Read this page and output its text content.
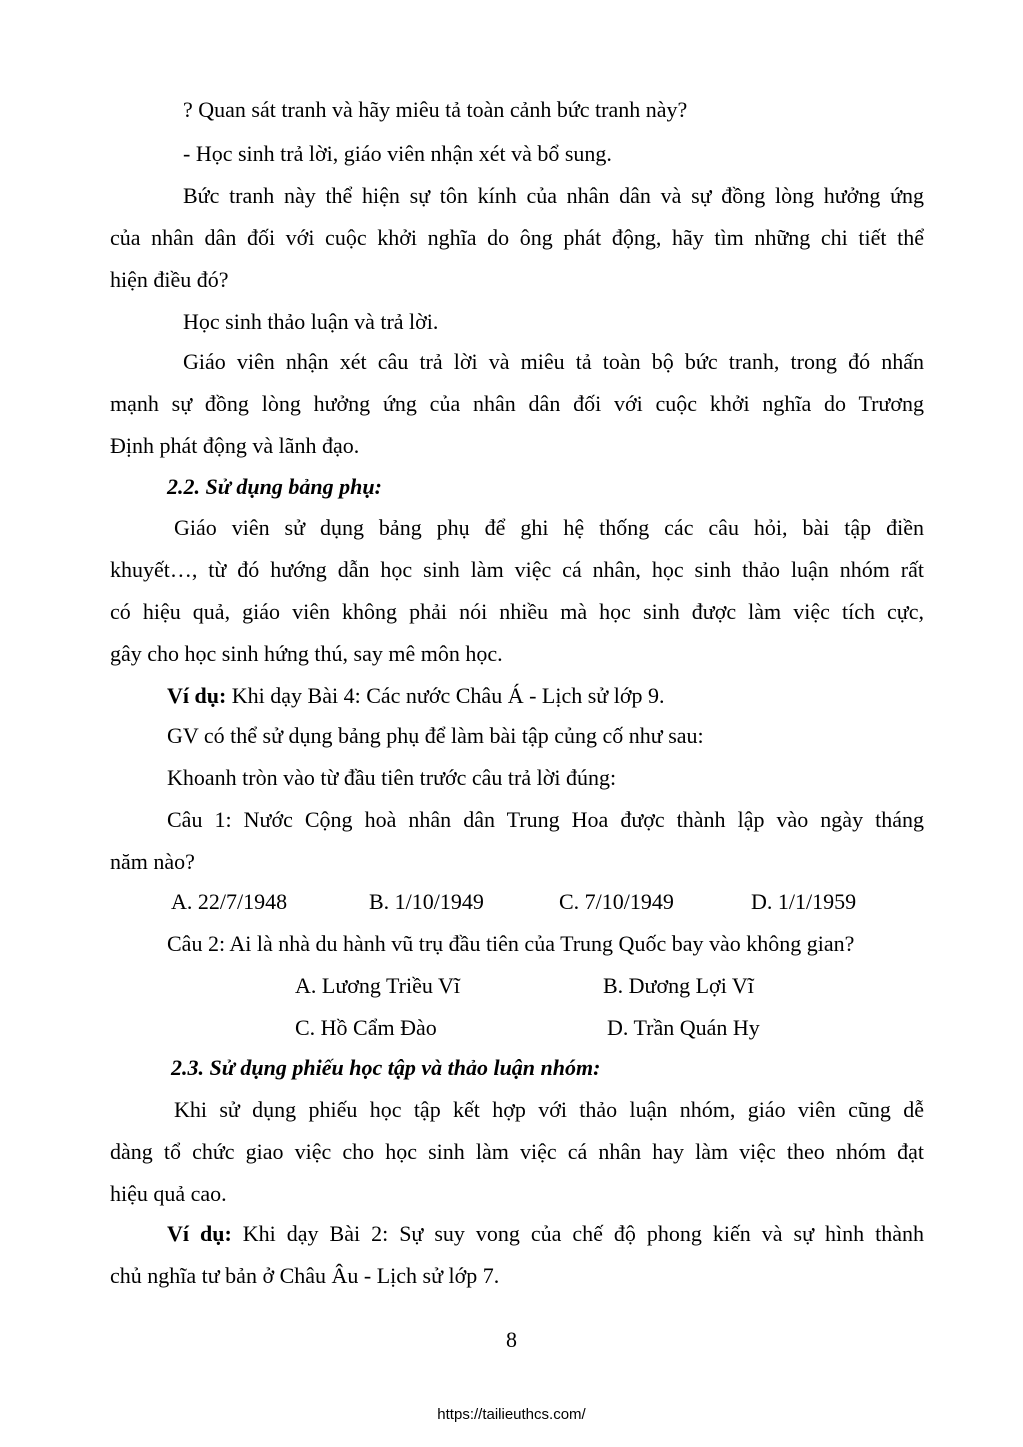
? Quan sát tranh và hãy miêu tả toàn cảnh bức tranh này?

- Học sinh trả lời, giáo viên nhận xét và bổ sung.

Bức tranh này thể hiện sự tôn kính của nhân dân và sự đồng lòng hưởng ứng

của nhân dân đối với cuộc khởi nghĩa do ông phát động, hãy tìm những chi tiết thể

hiện điều đó?

Học sinh thảo luận và trả lời.

Giáo viên nhận xét câu trả lời và miêu tả toàn bộ bức tranh, trong đó nhấn

mạnh sự đồng lòng hưởng ứng của nhân dân đối với cuộc khởi nghĩa do Trương

Định phát động và lãnh đạo.

2.2. Sử dụng bảng phụ:

Giáo viên sử dụng bảng phụ để ghi hệ thống các câu hỏi, bài tập điền

khuyết…, từ đó hướng dẫn học sinh làm việc cá nhân, học sinh thảo luận nhóm rất

có hiệu quả, giáo viên không phải nói nhiều mà học sinh được làm việc tích cực,

gây cho học sinh hứng thú, say mê môn học.

Ví dụ: Khi dạy Bài 4: Các nước Châu Á - Lịch sử lớp 9.

GV có thể sử dụng bảng phụ để làm bài tập củng cố như sau:

Khoanh tròn vào từ đầu tiên trước câu trả lời đúng:

Câu 1: Nước Cộng hoà nhân dân Trung Hoa được thành lập vào ngày tháng

năm nào?

A. 22/7/1948	B. 1/10/1949	C. 7/10/1949	D. 1/1/1959

Câu 2: Ai là nhà du hành vũ trụ đầu tiên của Trung Quốc bay vào không gian?

A. Lương Triều Vĩ	B. Dương Lợi Vĩ

C. Hồ Cẩm Đào	D. Trần Quán Hy

2.3. Sử dụng phiếu học tập và thảo luận nhóm:

Khi sử dụng phiếu học tập kết hợp với thảo luận nhóm, giáo viên cũng dễ

dàng tổ chức giao việc cho học sinh làm việc cá nhân hay làm việc theo nhóm đạt

hiệu quả cao.

Ví dụ: Khi dạy Bài 2: Sự suy vong của chế độ phong kiến và sự hình thành

chủ nghĩa tư bản ở Châu Âu - Lịch sử lớp 7.

8
https://tailieuthcs.com/
